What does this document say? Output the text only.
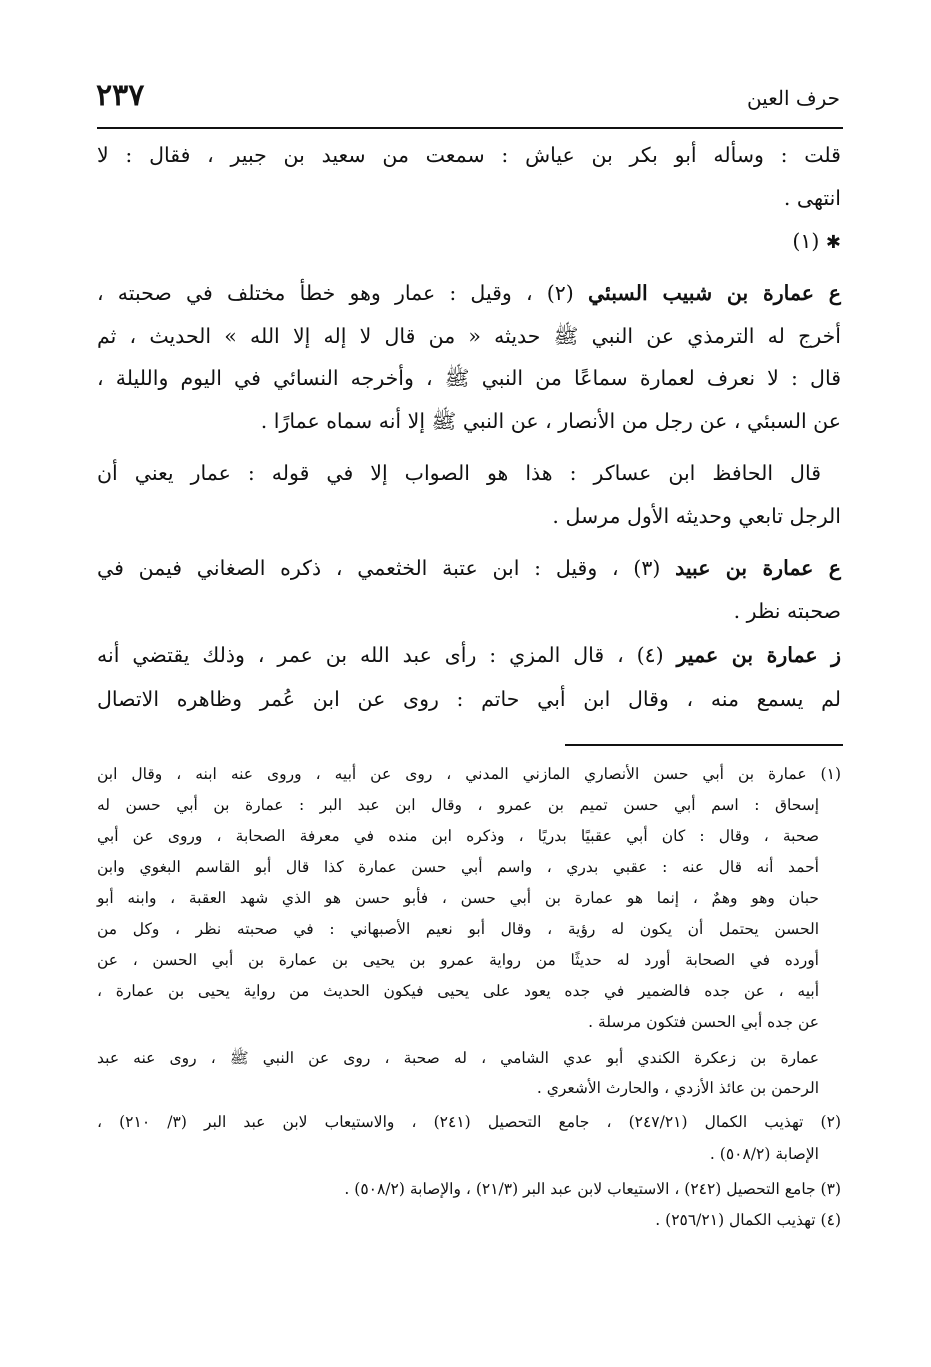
حرف العين
٢٣٧
قلت : وسأله أبو بكر بن عياش : سمعت من سعيد بن جبير ، فقال : لا
انتهى .
✱ (١)
ع عمارة بن شبيب السبئي (٢) ، وقيل : عمار وهو خطأ مختلف في صحبته ،
أخرج له الترمذي عن النبي ﷺ حديثه « من قال لا إله إلا الله » الحديث ، ثم
قال : لا نعرف لعمارة سماعًا من النبي ﷺ ، وأخرجه النسائي في اليوم والليلة ،
عن السبئي ، عن رجل من الأنصار ، عن النبي ﷺ إلا أنه سماه عمارًا .
قال الحافظ ابن عساكر : هذا هو الصواب إلا في قوله : عمار يعني أن
الرجل تابعي وحديثه الأول مرسل .
ع عمارة بن عبيد (٣) ، وقيل : ابن عتبة الخثعمي ، ذكره الصغاني فيمن في
صحبته نظر .
ز عمارة بن عمير (٤) ، قال المزي : رأى عبد الله بن عمر ، وذلك يقتضي أنه
لم يسمع منه ، وقال ابن أبي حاتم : روى عن ابن عُمر وظاهره الاتصال
(١) عمارة بن أبي حسن الأنصاري المازني المدني ، روى عن أبيه ، وروى عنه ابنه ، وقال ابن
إسحاق : اسم أبي حسن تميم بن عمرو ، وقال ابن عبد البر : عمارة بن أبي حسن له
صحبة ، وقال : كان أبي عقبيًا بدريًا ، وذكره ابن منده في معرفة الصحابة ، وروى عن أبي
أحمد أنه قال عنه : عقبي بدري ، واسم أبي حسن عمارة كذا قال أبو القاسم البغوي وابن
حبان وهو وهمٌ ، إنما هو عمارة بن أبي حسن ، فأبو حسن هو الذي شهد العقبة ، وابنه أبو
الحسن يحتمل أن يكون له رؤية ، وقال أبو نعيم الأصبهاني : في صحبته نظر ، وكل من
أورده في الصحابة أورد له حديثًا من رواية عمرو بن يحيى بن عمارة بن أبي الحسن ، عن
أبيه ، عن جده فالضمير في جده يعود على يحيى فيكون الحديث من رواية يحيى بن عمارة ،
عن جده أبي الحسن فتكون مرسلة .
عمارة بن زعكرة الكندي أبو عدي الشامي ، له صحبة ، روى عن النبي ﷺ ، روى عنه عبد
الرحمن بن عائذ الأزدي ، والحارث الأشعري .
(٢) تهذيب الكمال (٢٤٧/٢١) ، جامع التحصيل (٢٤١) ، والاستيعاب لابن عبد البر (٣/ ٢١٠) ،
الإصابة (٥٠٨/٢) .
(٣) جامع التحصيل (٢٤٢) ، الاستيعاب لابن عبد البر (٢١/٣) ، والإصابة (٥٠٨/٢) .
(٤) تهذيب الكمال (٢٥٦/٢١) .
